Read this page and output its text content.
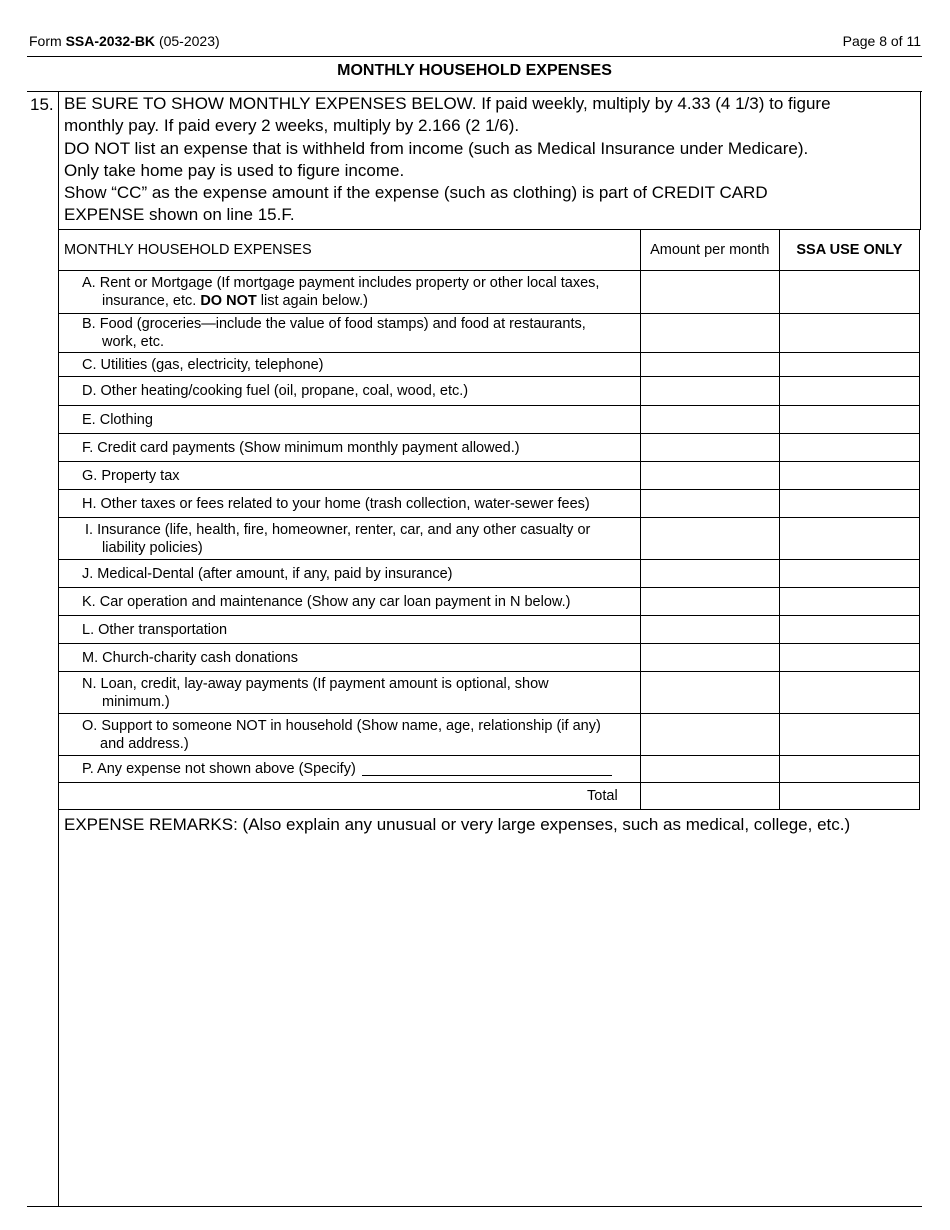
Form SSA-2032-BK (05-2023)	Page 8 of 11
MONTHLY HOUSEHOLD EXPENSES
15. BE SURE TO SHOW MONTHLY EXPENSES BELOW. If paid weekly, multiply by 4.33 (4 1/3) to figure
monthly pay. If paid every 2 weeks, multiply by 2.166 (2 1/6).
DO NOT list an expense that is withheld from income (such as Medical Insurance under Medicare).
Only take home pay is used to figure income.
Show “CC” as the expense amount if the expense (such as clothing) is part of CREDIT CARD
EXPENSE shown on line 15.F.
MONTHLY HOUSEHOLD EXPENSES	Amount per month	SSA USE ONLY

A. Rent or Mortgage (If mortgage payment includes property or other local taxes,
insurance, etc. DO NOT list again below.)		

B. Food (groceries—include the value of food stamps) and food at restaurants,
work, etc.		

C. Utilities (gas, electricity, telephone)		
D. Other heating/cooking fuel (oil, propane, coal, wood, etc.)		
E. Clothing		
F. Credit card payments (Show minimum monthly payment allowed.)		
G. Property tax		
H. Other taxes or fees related to your home (trash collection, water-sewer fees)		

I. Insurance (life, health, fire, homeowner, renter, car, and any other casualty or
liability policies)		

J. Medical-Dental (after amount, if any, paid by insurance)		
K. Car operation and maintenance (Show any car loan payment in N below.)		
L. Other transportation		
M. Church-charity cash donations		

N. Loan, credit, lay-away payments (If payment amount is optional, show
minimum.)		

O. Support to someone NOT in household (Show name, age, relationship (if any)
and address.)		

P. Any expense not shown above (Specify)		
Total		
EXPENSE REMARKS: (Also explain any unusual or very large expenses, such as medical, college, etc.)
